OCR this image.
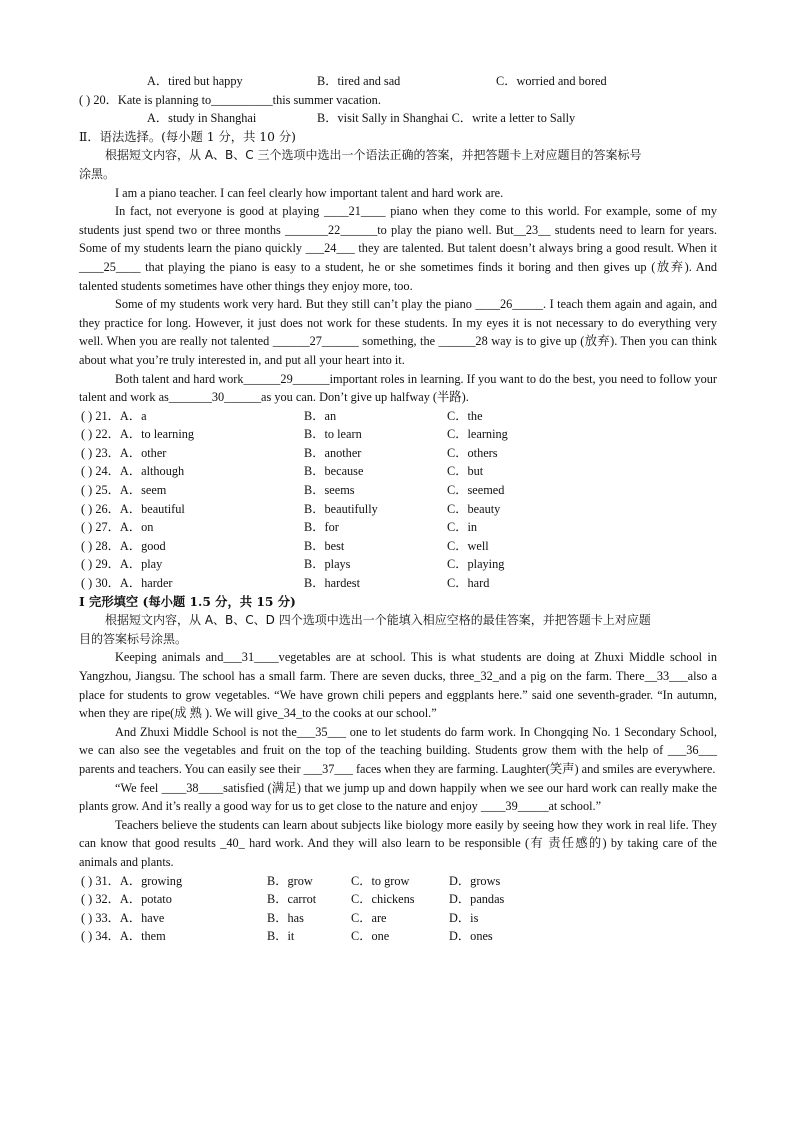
A．tired but happy	B．tired and sad	C．worried and bored
( ) 20．Kate is planning to__________this summer vacation.
A．study in Shanghai	B．visit Sally in Shanghai C．write a letter to Sally
Ⅱ．语法选择。(每小题 1 分，共 10 分)
根据短文内容，从 A、B、C 三个选项中选出一个语法正确的答案，并把答题卡上对应题目的答案标号
涂黑。
I am a piano teacher. I can feel clearly how important talent and hard work are.
In fact, not everyone is good at playing ____21____ piano when they come to this world. For example, some of my students just spend two or three months _______22______to play the piano well. But__23__ students need to learn for years. Some of my students learn the piano quickly ___24___ they are talented. But talent doesn’t always bring a good result. When it ____25____ that playing the piano is easy to a student, he or she sometimes finds it boring and then gives up (放弃). And talented students sometimes have other things they enjoy more, too.
Some of my students work very hard. But they still can’t play the piano ____26_____. I teach them again and again, and they practice for long. However, it just does not work for these students. In my eyes it is not necessary to do everything very well. When you are really not talented ______27______ something, the ______28 way is to give up (放弃). Then you can think about what you’re truly interested in, and put all your heart into it.
Both talent and hard work______29______important roles in learning. If you want to do the best, you need to follow your talent and work as_______30______as you can. Don’t give up halfway (半路).
( ) 21．A．a	B．an	C．the
( ) 22．A．to learning	B．to learn	C．learning
( ) 23．A．other	B．another	C．others
( ) 24．A．although	B．because	C．but
( ) 25．A．seem	B．seems	C．seemed
( ) 26．A．beautiful	B．beautifully	C．beauty
( ) 27．A．on	B．for	C．in
( ) 28．A．good	B．best	C．well
( ) 29．A．play	B．plays	C．playing
( ) 30．A．harder	B．hardest	C．hard
I 完形填空 (每小题 1.5 分，共 15 分)
根据短文内容，从 A、B、C、D 四个选项中选出一个能填入相应空格的最佳答案，并把答题卡上对应题
目的答案标号涂黑。
Keeping animals and___31____vegetables are at school. This is what students are doing at Zhuxi Middle school in Yangzhou, Jiangsu. The school has a small farm. There are seven ducks, three_32_and a pig on the farm. There__33___also a place for students to grow vegetables. “We have grown chili pepers and eggplants here.” said one seventh-grader. “In autumn, when they are ripe(成 熟 ). We will give_34_to the cooks at our school.”
And Zhuxi Middle School is not the___35___ one to let students do farm work. In Chongqing No. 1 Secondary School, we can also see the vegetables and fruit on the top of the teaching building. Students grow them with the help of ___36___ parents and teachers. You can easily see their ___37___ faces when they are farming. Laughter(笑声) and smiles are everywhere.
“We feel ____38____satisfied (满足) that we jump up and down happily when we see our hard work can really make the plants grow. And it’s really a good way for us to get close to the nature and enjoy ____39_____at school.”
Teachers believe the students can learn about subjects like biology more easily by seeing how they work in real life. They can know that good results _40_ hard work. And they will also learn to be responsible (有 责任感的) by taking care of the animals and plants.
( ) 31．A．growing	B．grow	C．to grow	D．grows
( ) 32．A．potato	B．carrot	C．chickens	D．pandas
( ) 33．A．have	B．has	C．are	D．is
( ) 34．A．them	B．it	C．one	D．ones
